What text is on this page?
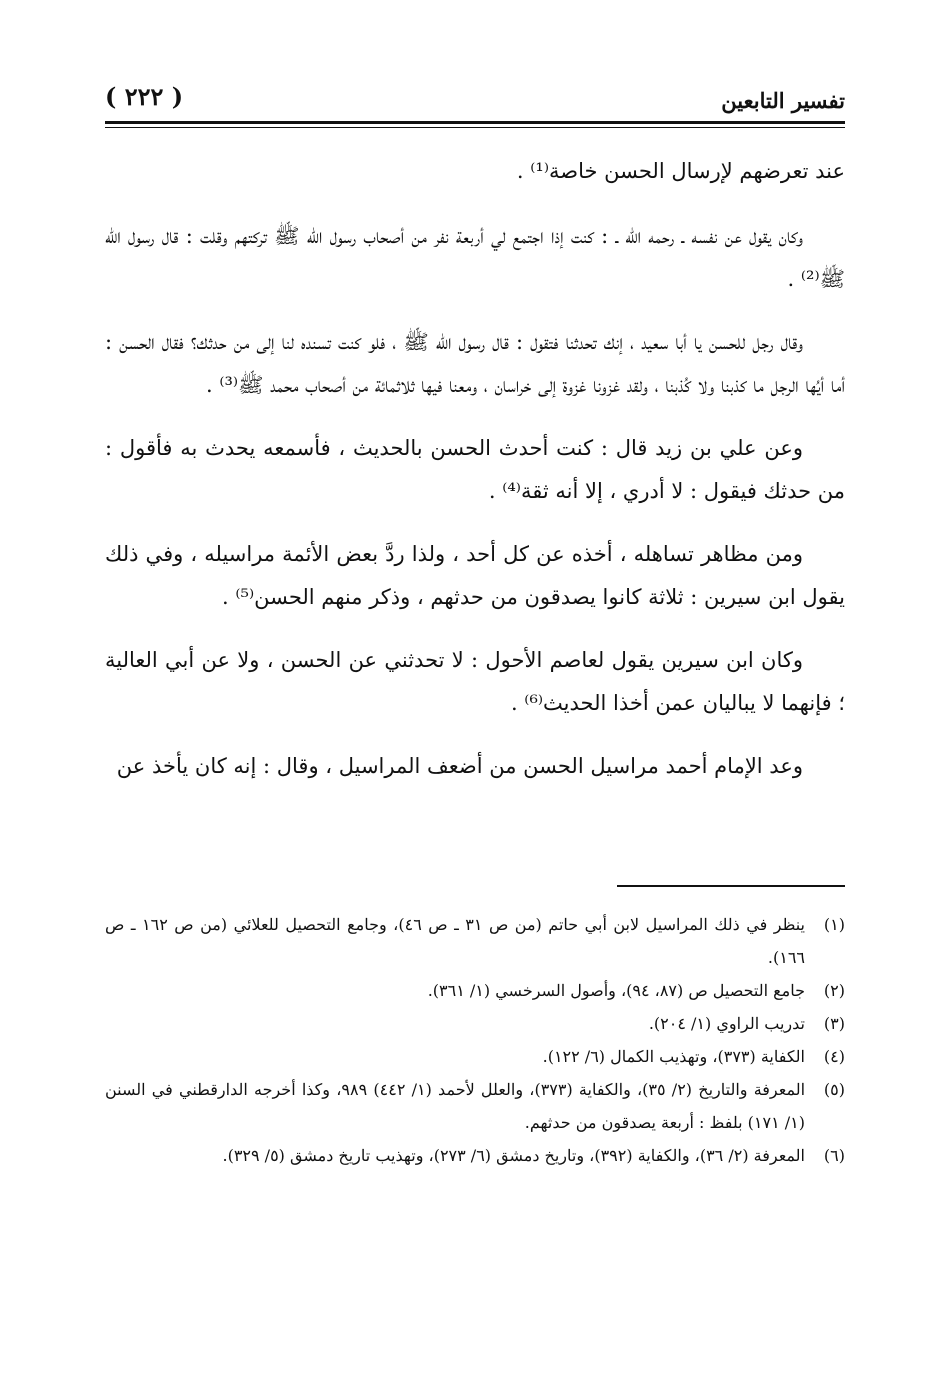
تفسير التابعين
( ٢٢٢ )

عند تعرضهم لإرسال الحسن خاصة⁽¹⁾ .

وكان يقول عن نفسه ـ رحمه الله ـ : كنت إذا اجتمع لي أربعة نفر من أصحاب رسول الله ﷺ تركتهم وقلت : قال رسول الله ﷺ⁽²⁾ .

وقال رجل للحسن يا أبا سعيد ، إنك تحدثنا فتقول : قال رسول الله ﷺ ، فلو كنت تسنده لنا إلى من حدثك؟ فقال الحسن : أما أيُها الرجل ما كذبنا ولا كُذبنا ، ولقد غزونا غزوة إلى خراسان ، ومعنا فيها ثلاثمائة من أصحاب محمد ﷺ⁽³⁾ .

وعن علي بن زيد قال : كنت أحدث الحسن بالحديث ، فأسمعه يحدث به فأقول : من حدثك فيقول : لا أدري ، إلا أنه ثقة⁽⁴⁾ .

ومن مظاهر تساهله ، أخذه عن كل أحد ، ولذا ردَّ بعض الأئمة مراسيله ، وفي ذلك يقول ابن سيرين : ثلاثة كانوا يصدقون من حدثهم ، وذكر منهم الحسن⁽⁵⁾ .

وكان ابن سيرين يقول لعاصم الأحول : لا تحدثني عن الحسن ، ولا عن أبي العالية ؛ فإنهما لا يباليان عمن أخذا الحديث⁽⁶⁾ .

وعد الإمام أحمد مراسيل الحسن من أضعف المراسيل ، وقال : إنه كان يأخذ عن

(١)
ينظر في ذلك المراسيل لابن أبي حاتم (من ص ٣١ ـ ص ٤٦)، وجامع التحصيل للعلائي (من ص ١٦٢ ـ ص ١٦٦).
(٢)
جامع التحصيل ص (٨٧، ٩٤)، وأصول السرخسي (١/ ٣٦١).
(٣)
تدريب الراوي (١/ ٢٠٤).
(٤)
الكفاية (٣٧٣)، وتهذيب الكمال (٦/ ١٢٢).
(٥)
المعرفة والتاريخ (٢/ ٣٥)، والكفاية (٣٧٣)، والعلل لأحمد (١/ ٤٤٢) ٩٨٩، وكذا أخرجه الدارقطني في السنن (١/ ١٧١) بلفظ : أربعة يصدقون من حدثهم.
(٦)
المعرفة (٢/ ٣٦)، والكفاية (٣٩٢)، وتاريخ دمشق (٦/ ٢٧٣)، وتهذيب تاريخ دمشق (٥/ ٣٢٩).
